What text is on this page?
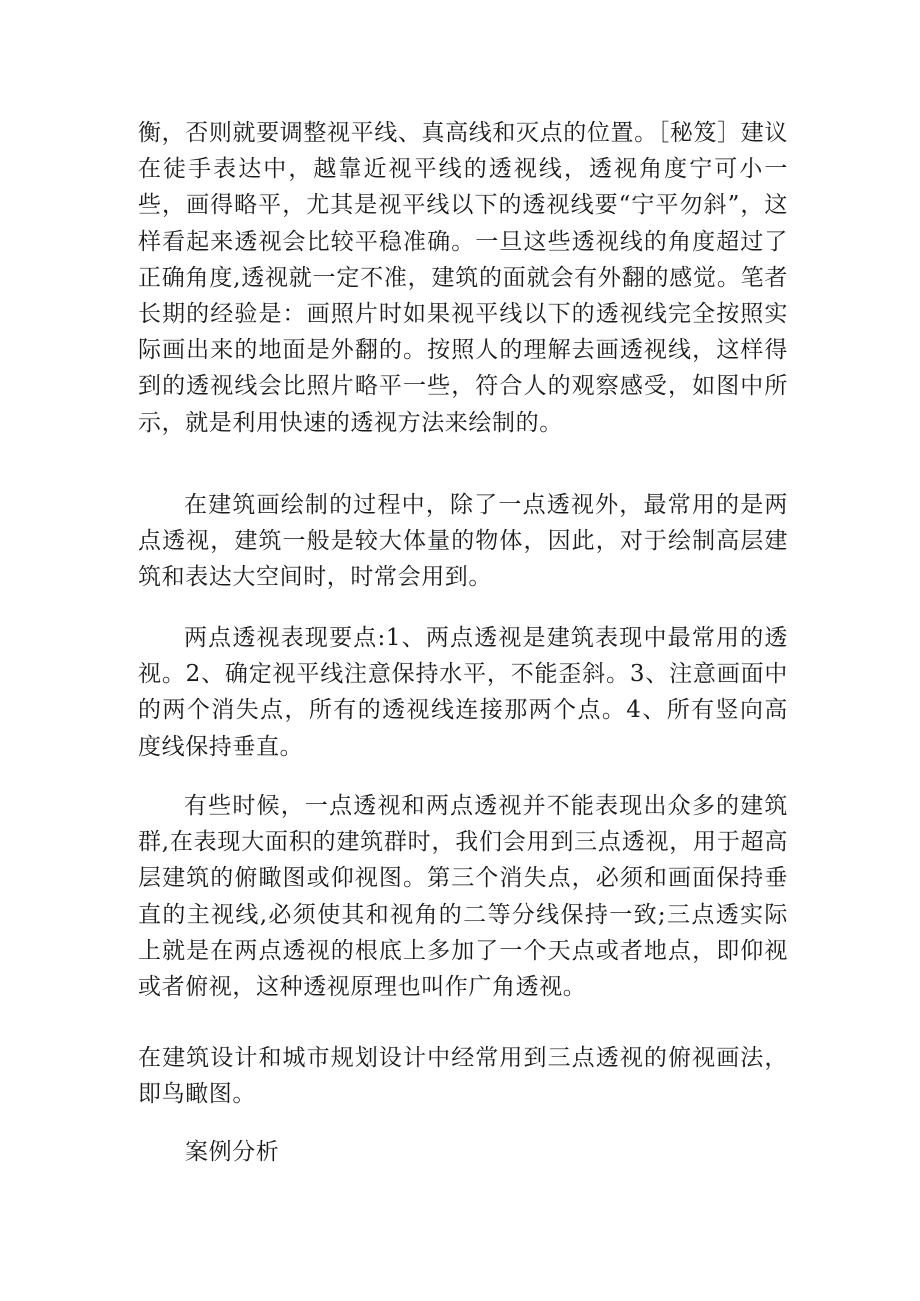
衡，否则就要调整视平线、真高线和灭点的位置。［秘笈］建议在徒手表达中，越靠近视平线的透视线，透视角度宁可小一些，画得略平，尤其是视平线以下的透视线要“宁平勿斜”，这样看起来透视会比较平稳准确。一旦这些透视线的角度超过了正确角度,透视就一定不准，建筑的面就会有外翻的感觉。笔者长期的经验是：画照片时如果视平线以下的透视线完全按照实际画出来的地面是外翻的。按照人的理解去画透视线，这样得到的透视线会比照片略平一些，符合人的观察感受，如图中所示，就是利用快速的透视方法来绘制的。

在建筑画绘制的过程中，除了一点透视外，最常用的是两点透视，建筑一般是较大体量的物体，因此，对于绘制高层建筑和表达大空间时，时常会用到。

两点透视表现要点:1、两点透视是建筑表现中最常用的透视。2、确定视平线注意保持水平，不能歪斜。3、注意画面中的两个消失点，所有的透视线连接那两个点。4、所有竖向高度线保持垂直。

有些时候，一点透视和两点透视并不能表现出众多的建筑群,在表现大面积的建筑群时，我们会用到三点透视，用于超高层建筑的俯瞰图或仰视图。第三个消失点，必须和画面保持垂直的主视线,必须使其和视角的二等分线保持一致;三点透实际上就是在两点透视的根底上多加了一个天点或者地点，即仰视或者俯视，这种透视原理也叫作广角透视。

在建筑设计和城市规划设计中经常用到三点透视的俯视画法，即鸟瞰图。

案例分析
